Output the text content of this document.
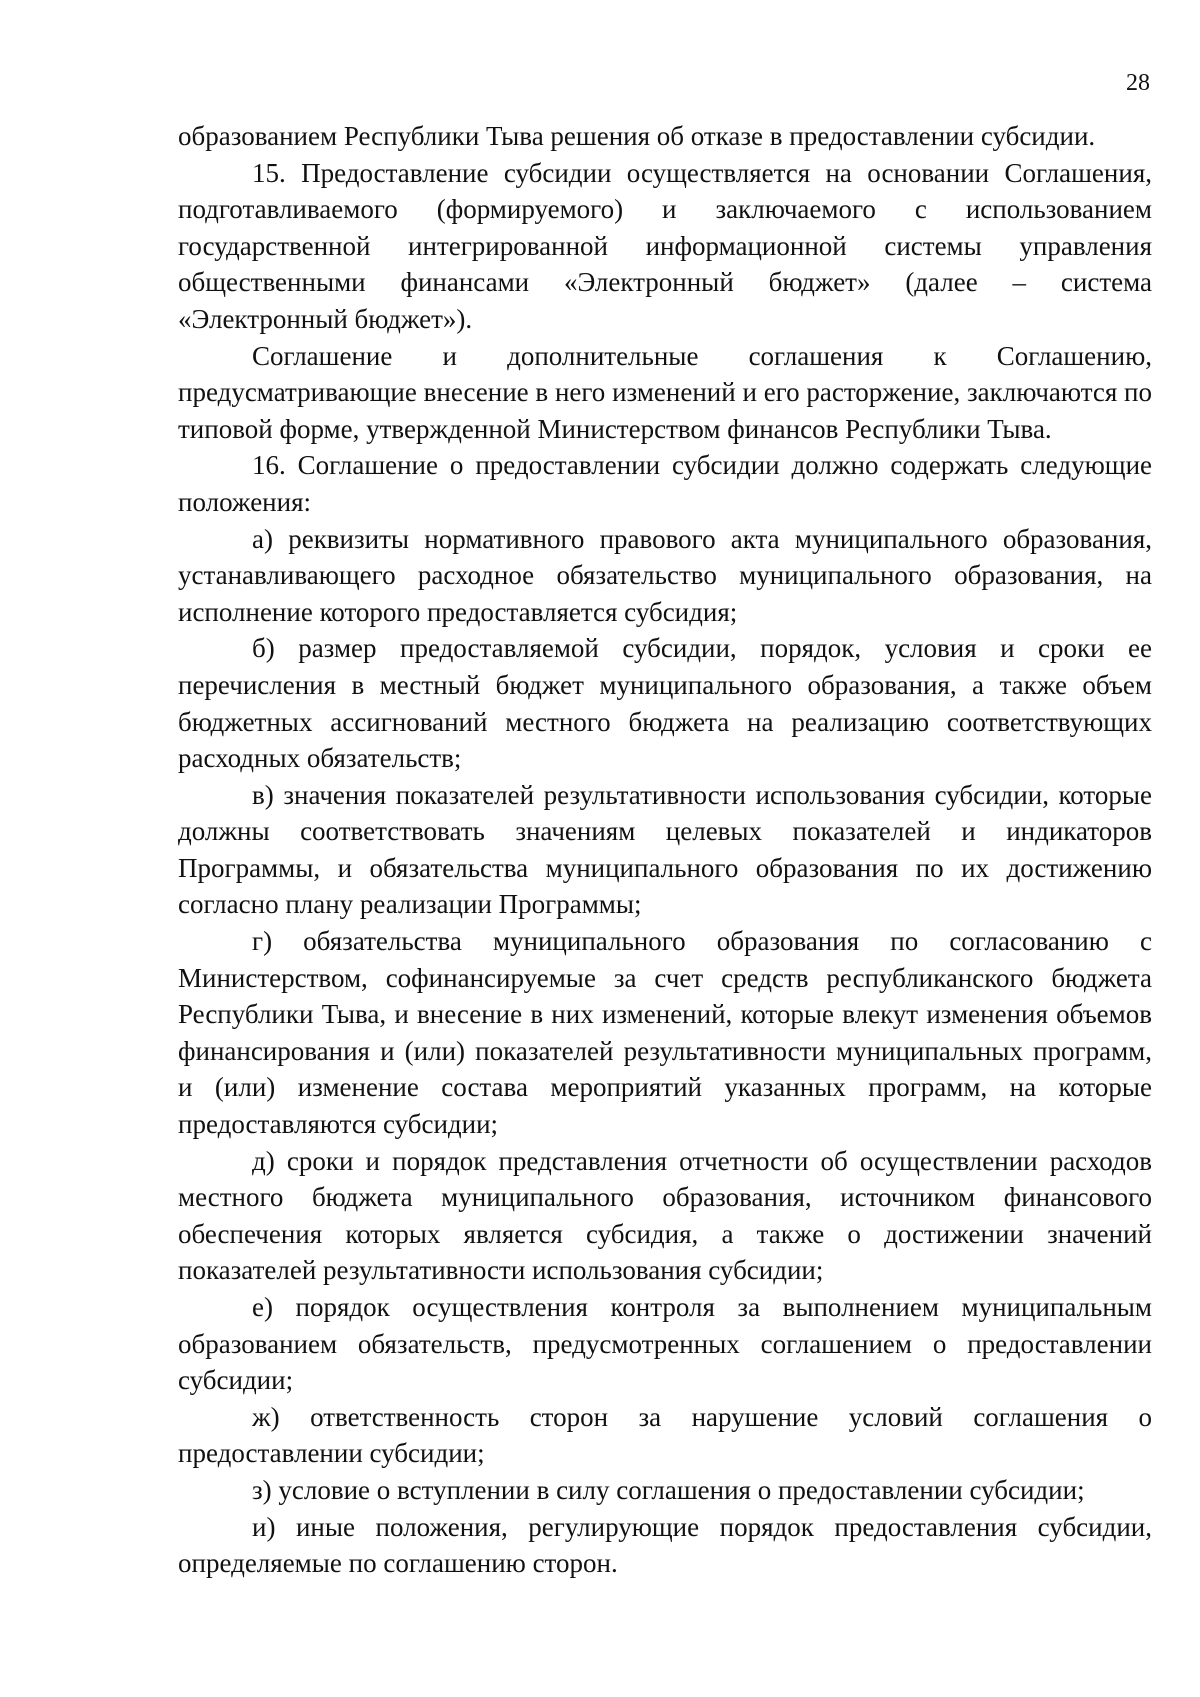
28

образованием Республики Тыва решения об отказе в предоставлении субсидии.

15. Предоставление субсидии осуществляется на основании Соглашения, подготавливаемого (формируемого) и заключаемого с использованием государственной интегрированной информационной системы управления общественными финансами «Электронный бюджет» (далее – система «Электронный бюджет»).

Соглашение и дополнительные соглашения к Соглашению, предусматривающие внесение в него изменений и его расторжение, заключаются по типовой форме, утвержденной Министерством финансов Республики Тыва.

16. Соглашение о предоставлении субсидии должно содержать следующие положения:

а) реквизиты нормативного правового акта муниципального образования, устанавливающего расходное обязательство муниципального образования, на исполнение которого предоставляется субсидия;

б) размер предоставляемой субсидии, порядок, условия и сроки ее перечисления в местный бюджет муниципального образования, а также объем бюджетных ассигнований местного бюджета на реализацию соответствующих расходных обязательств;

в) значения показателей результативности использования субсидии, которые должны соответствовать значениям целевых показателей и индикаторов Программы, и обязательства муниципального образования по их достижению согласно плану реализации Программы;

г) обязательства муниципального образования по согласованию с Министерством, софинансируемые за счет средств республиканского бюджета Республики Тыва, и внесение в них изменений, которые влекут изменения объемов финансирования и (или) показателей результативности муниципальных программ, и (или) изменение состава мероприятий указанных программ, на которые предоставляются субсидии;

д) сроки и порядок представления отчетности об осуществлении расходов местного бюджета муниципального образования, источником финансового обеспечения которых является субсидия, а также о достижении значений показателей результативности использования субсидии;

е) порядок осуществления контроля за выполнением муниципальным образованием обязательств, предусмотренных соглашением о предоставлении субсидии;

ж) ответственность сторон за нарушение условий соглашения о предоставлении субсидии;

з) условие о вступлении в силу соглашения о предоставлении субсидии;

и) иные положения, регулирующие порядок предоставления субсидии, определяемые по соглашению сторон.
